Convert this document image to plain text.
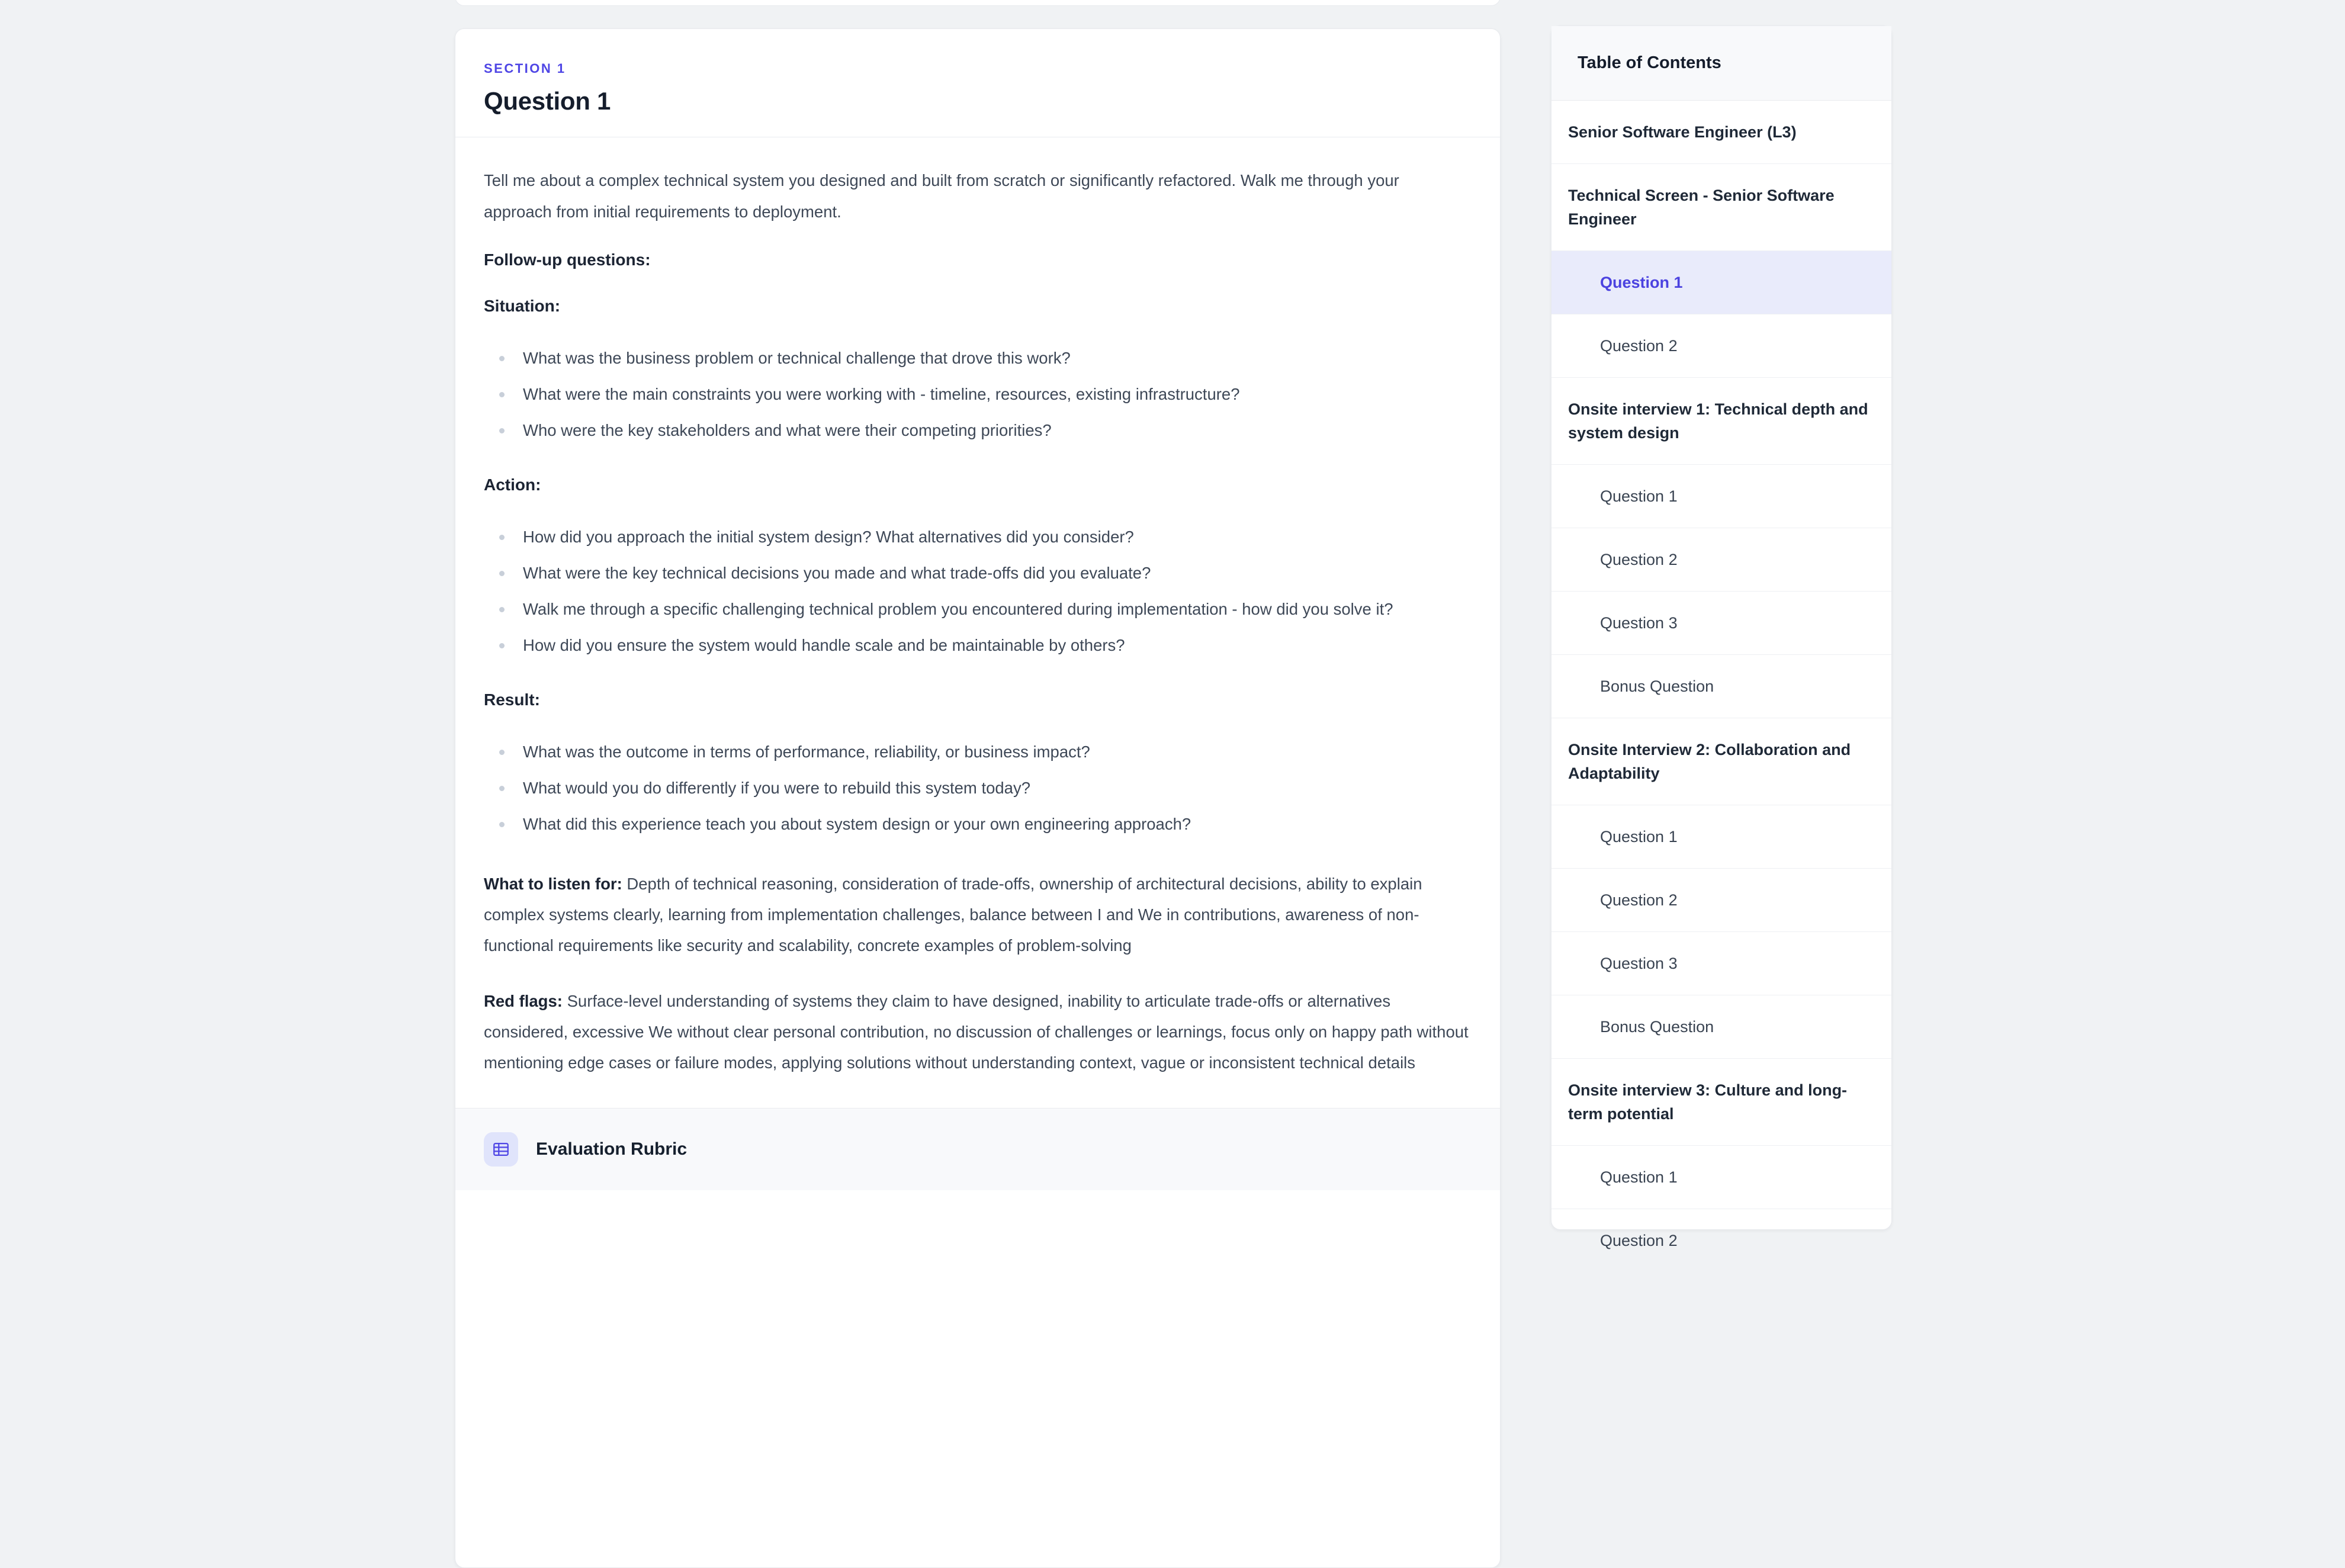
SECTION 1
Question 1

Tell me about a complex technical system you designed and built from scratch or significantly refactored. Walk me through your approach from initial requirements to deployment.

Follow-up questions:

Situation:

What was the business problem or technical challenge that drove this work?
What were the main constraints you were working with - timeline, resources, existing infrastructure?
Who were the key stakeholders and what were their competing priorities?

Action:

How did you approach the initial system design? What alternatives did you consider?
What were the key technical decisions you made and what trade-offs did you evaluate?
Walk me through a specific challenging technical problem you encountered during implementation - how did you solve it?
How did you ensure the system would handle scale and be maintainable by others?

Result:

What was the outcome in terms of performance, reliability, or business impact?
What would you do differently if you were to rebuild this system today?
What did this experience teach you about system design or your own engineering approach?

What to listen for: Depth of technical reasoning, consideration of trade-offs, ownership of architectural decisions, ability to explain complex systems clearly, learning from implementation challenges, balance between I and We in contributions, awareness of non-functional requirements like security and scalability, concrete examples of problem-solving

Red flags: Surface-level understanding of systems they claim to have designed, inability to articulate trade-offs or alternatives considered, excessive We without clear personal contribution, no discussion of challenges or learnings, focus only on happy path without mentioning edge cases or failure modes, applying solutions without understanding context, vague or inconsistent technical details

Evaluation Rubric
Table of Contents
Senior Software Engineer (L3)
Technical Screen - Senior Software Engineer
Question 1
Question 2
Onsite interview 1: Technical depth and system design
Question 1
Question 2
Question 3
Bonus Question
Onsite Interview 2: Collaboration and Adaptability
Question 1
Question 2
Question 3
Bonus Question
Onsite interview 3: Culture and long-term potential
Question 1
Question 2
